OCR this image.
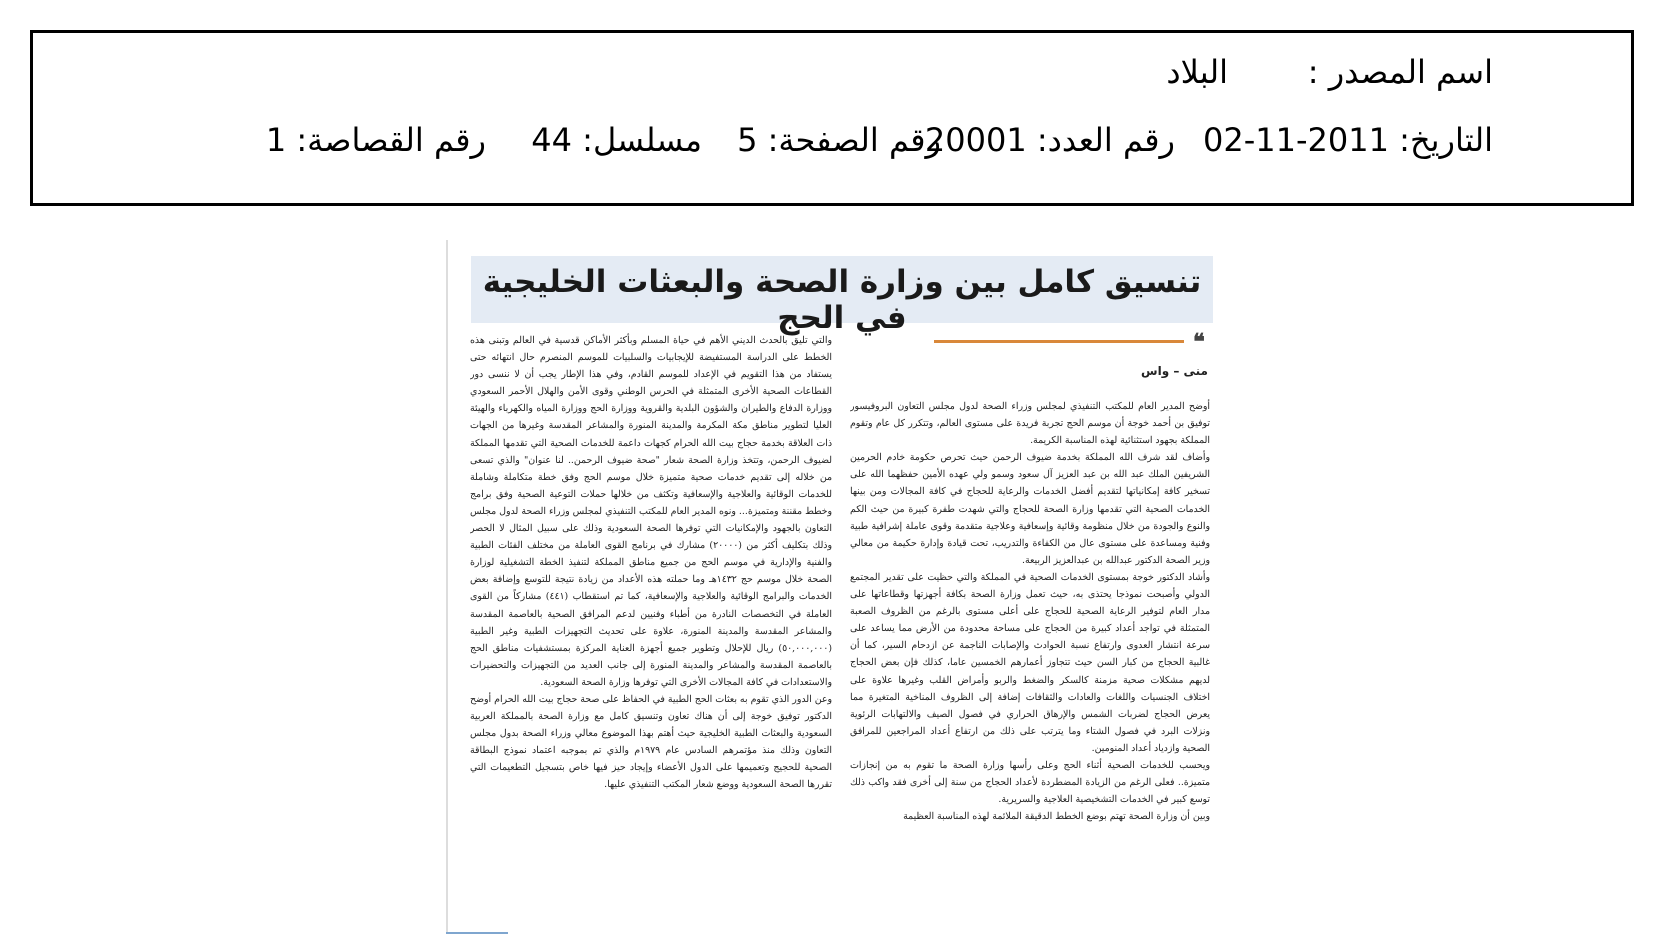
اسم المصدر :
البلاد
التاريخ: 2011-11-02
رقم العدد: 20001
رقم الصفحة: 5
مسلسل: 44
رقم القصاصة: 1
تنسيق كامل بين وزارة الصحة والبعثات الخليجية في الحج
❝
منى – واس

أوضح المدير العام للمكتب التنفيذي لمجلس وزراء الصحة لدول مجلس التعاون البروفيسور توفيق بن أحمد خوجة أن موسم الحج تجربة فريدة على مستوى العالم، وتتكرر كل عام وتقوم المملكة بجهود استثنائية لهذه المناسبة الكريمة.

وأضاف لقد شرف الله المملكة بخدمة ضيوف الرحمن حيث تحرص حكومة خادم الحرمين الشريفين الملك عبد الله بن عبد العزيز آل سعود وسمو ولي عهده الأمين حفظهما الله على تسخير كافة إمكانياتها لتقديم أفضل الخدمات والرعاية للحجاج في كافة المجالات ومن بينها الخدمات الصحية التي تقدمها وزارة الصحة للحجاج والتي شهدت طفرة كبيرة من حيث الكم والنوع والجودة من خلال منظومة وقائية وإسعافية وعلاجية متقدمة وقوى عاملة إشرافية طبية وفنية ومساعدة على مستوى عال من الكفاءة والتدريب، تحت قيادة وإدارة حكيمة من معالي وزير الصحة الدكتور عبدالله بن عبدالعزيز الربيعة.

وأشاد الدكتور خوجة بمستوى الخدمات الصحية في المملكة والتي حظيت على تقدير المجتمع الدولي وأصبحت نموذجا يحتذى به، حيث تعمل وزارة الصحة بكافة أجهزتها وقطاعاتها على مدار العام لتوفير الرعاية الصحية للحجاج على أعلى مستوى بالرغم من الظروف الصعبة المتمثلة في تواجد أعداد كبيرة من الحجاج على مساحة محدودة من الأرض مما يساعد على سرعة انتشار العدوى وارتفاع نسبة الحوادث والإصابات الناجمة عن ازدحام السير، كما أن غالبية الحجاج من كبار السن حيث تتجاوز أعمارهم الخمسين عاما، كذلك فإن بعض الحجاج لديهم مشكلات صحية مزمنة كالسكر والضغط والربو وأمراض القلب وغيرها علاوة على اختلاف الجنسيات واللغات والعادات والثقافات إضافة إلى الظروف المناخية المتغيرة مما يعرض الحجاج لضربات الشمس والإرهاق الحراري في فصول الصيف والالتهابات الرئوية ونزلات البرد في فصول الشتاء وما يترتب على ذلك من ارتفاع أعداد المراجعين للمرافق الصحية وازدياد أعداد المنومين.

ويحسب للخدمات الصحية أثناء الحج وعلى رأسها وزارة الصحة ما تقوم به من إنجازات متميزة.. فعلى الرغم من الزيادة المضطردة لأعداد الحجاج من سنة إلى أخرى فقد واكب ذلك توسع كبير في الخدمات التشخيصية العلاجية والسريرية.

وبين أن وزارة الصحة تهتم بوضع الخطط الدقيقة الملائمة لهذه المناسبة العظيمة

والتي تليق بالحدث الديني الأهم في حياة المسلم وبأكثر الأماكن قدسية في العالم وتبنى هذه الخطط على الدراسة المستفيضة للإيجابيات والسلبيات للموسم المنصرم حال انتهائه حتى يستفاد من هذا التقويم في الإعداد للموسم القادم، وفي هذا الإطار يجب أن لا ننسى دور القطاعات الصحية الأخرى المتمثلة في الحرس الوطني وقوى الأمن والهلال الأحمر السعودي ووزارة الدفاع والطيران والشؤون البلدية والقروية ووزارة الحج ووزارة المياه والكهرباء والهيئة العليا لتطوير مناطق مكة المكرمة والمدينة المنورة والمشاعر المقدسة وغيرها من الجهات ذات العلاقة بخدمة حجاج بيت الله الحرام كجهات داعمة للخدمات الصحية التي تقدمها المملكة لضيوف الرحمن، وتتخذ وزارة الصحة شعار "صحة ضيوف الرحمن.. لنا عنوان" والذي تسعى من خلاله إلى تقديم خدمات صحية متميزة خلال موسم الحج وفق خطة متكاملة وشاملة للخدمات الوقائية والعلاجية والإسعافية وتكثف من خلالها حملات التوعية الصحية وفق برامج وخطط مقننة ومتميزة... ونوه المدير العام للمكتب التنفيذي لمجلس وزراء الصحة لدول مجلس التعاون بالجهود والإمكانيات التي توفرها الصحة السعودية وذلك على سبيل المثال لا الحصر وذلك بتكليف أكثر من (٢٠٠٠٠) مشارك في برنامج القوى العاملة من مختلف الفئات الطبية والفنية والإدارية في موسم الحج من جميع مناطق المملكة لتنفيذ الخطة التشغيلية لوزارة الصحة خلال موسم حج ١٤٣٢هـ وما حملته هذه الأعداد من زيادة نتيجة للتوسع وإضافة بعض الخدمات والبرامج الوقائية والعلاجية والإسعافية، كما تم استقطاب (٤٤١) مشاركاً من القوى العاملة في التخصصات النادرة من أطباء وفنيين لدعم المرافق الصحية بالعاصمة المقدسة والمشاعر المقدسة والمدينة المنورة، علاوة على تحديث التجهيزات الطبية وغير الطبية (٥٠,٠٠٠,٠٠٠) ريال للإحلال وتطوير جميع أجهزة العناية المركزة بمستشفيات مناطق الحج بالعاصمة المقدسة والمشاعر والمدينة المنورة إلى جانب العديد من التجهيزات والتحضيرات والاستعدادات في كافة المجالات الأخرى التي توفرها وزارة الصحة السعودية.

وعن الدور الذي تقوم به بعثات الحج الطبية في الحفاظ على صحة حجاج بيت الله الحرام أوضح الدكتور توفيق خوجة إلى أن هناك تعاون وتنسيق كامل مع وزارة الصحة بالمملكة العربية السعودية والبعثات الطبية الخليجية حيث أهتم بهذا الموضوع معالي وزراء الصحة بدول مجلس التعاون وذلك منذ مؤتمرهم السادس عام ١٩٧٩م والذي تم بموجبه اعتماد نموذج البطاقة الصحية للحجيج وتعميمها على الدول الأعضاء وإيجاد حيز فيها خاص بتسجيل التطعيمات التي تقررها الصحة السعودية ووضع شعار المكتب التنفيذي عليها.
